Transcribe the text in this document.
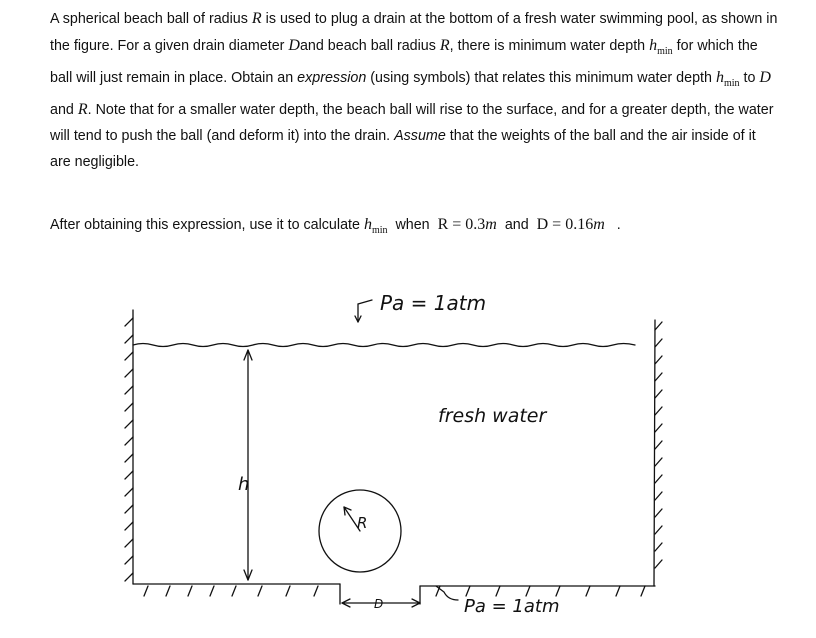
A spherical beach ball of radius R is used to plug a drain at the bottom of a fresh water swimming pool, as shown in the figure. For a given drain diameter Dand beach ball radius R, there is minimum water depth $h_{min}$ for which the ball will just remain in place. Obtain an expression (using symbols) that relates this minimum water depth $h_{min}$ to D and R. Note that for a smaller water depth, the beach ball will rise to the surface, and for a greater depth, the water will tend to push the ball (and deform it) into the drain. Assume that the weights of the ball and the air inside of it are negligible.
After obtaining this expression, use it to calculate $h_{min}$ when R = 0.3m and D = 0.16m .
Pa = 1atm
fresh water
h
R
D	Pa = 1atm
